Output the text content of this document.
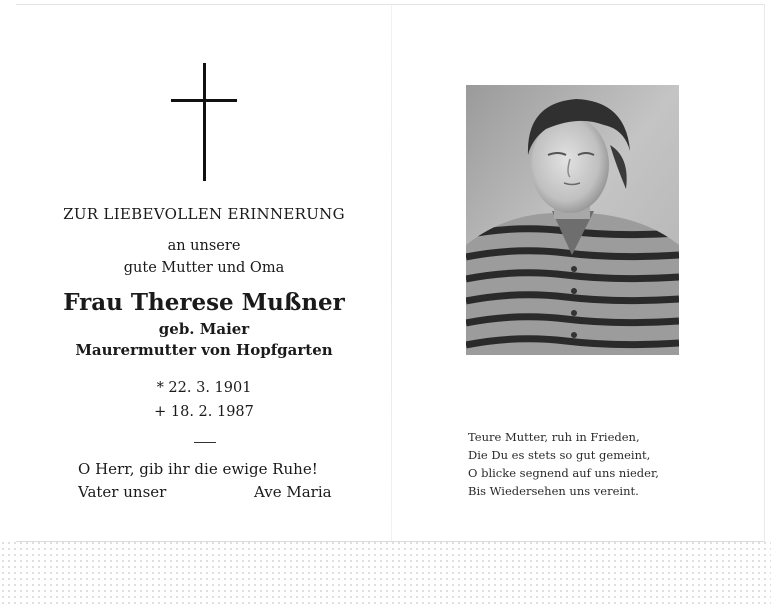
ZUR LIEBEVOLLEN ERINNERUNG
an unsere
gute Mutter und Oma
Frau Therese Mußner
geb. Maier
Maurermutter von Hopfgarten
* 22. 3. 1901
+ 18. 2. 1987
O Herr, gib ihr die ewige Ruhe!
Vater unser	Ave Maria
Teure Mutter, ruh in Frieden,
Die Du es stets so gut gemeint,
O blicke segnend auf uns nieder,
Bis Wiedersehen uns vereint.
